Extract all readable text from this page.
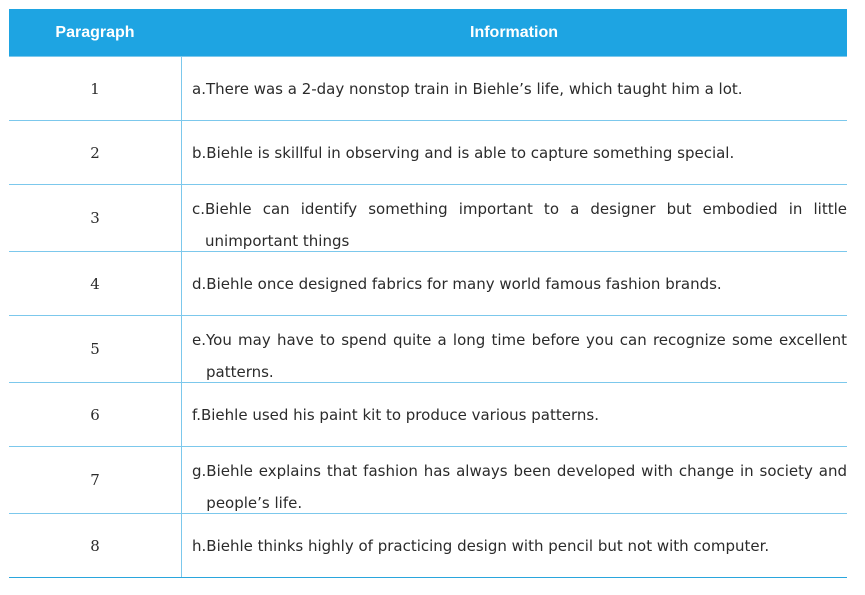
Paragraph	Information
1	a. There was a 2-day nonstop train in Biehle’s life, which taught him a lot.
2	b. Biehle is skillful in observing and is able to capture something special.
3	c. Biehle can identify something important to a designer but embodied in little unimportant things
4	d. Biehle once designed fabrics for many world famous fashion brands.
5	e. You may have to spend quite a long time before you can recognize some excellent patterns.
6	f. Biehle used his paint kit to produce various patterns.
7	g. Biehle explains that fashion has always been developed with change in society and people’s life.
8	h. Biehle thinks highly of practicing design with pencil but not with computer.
